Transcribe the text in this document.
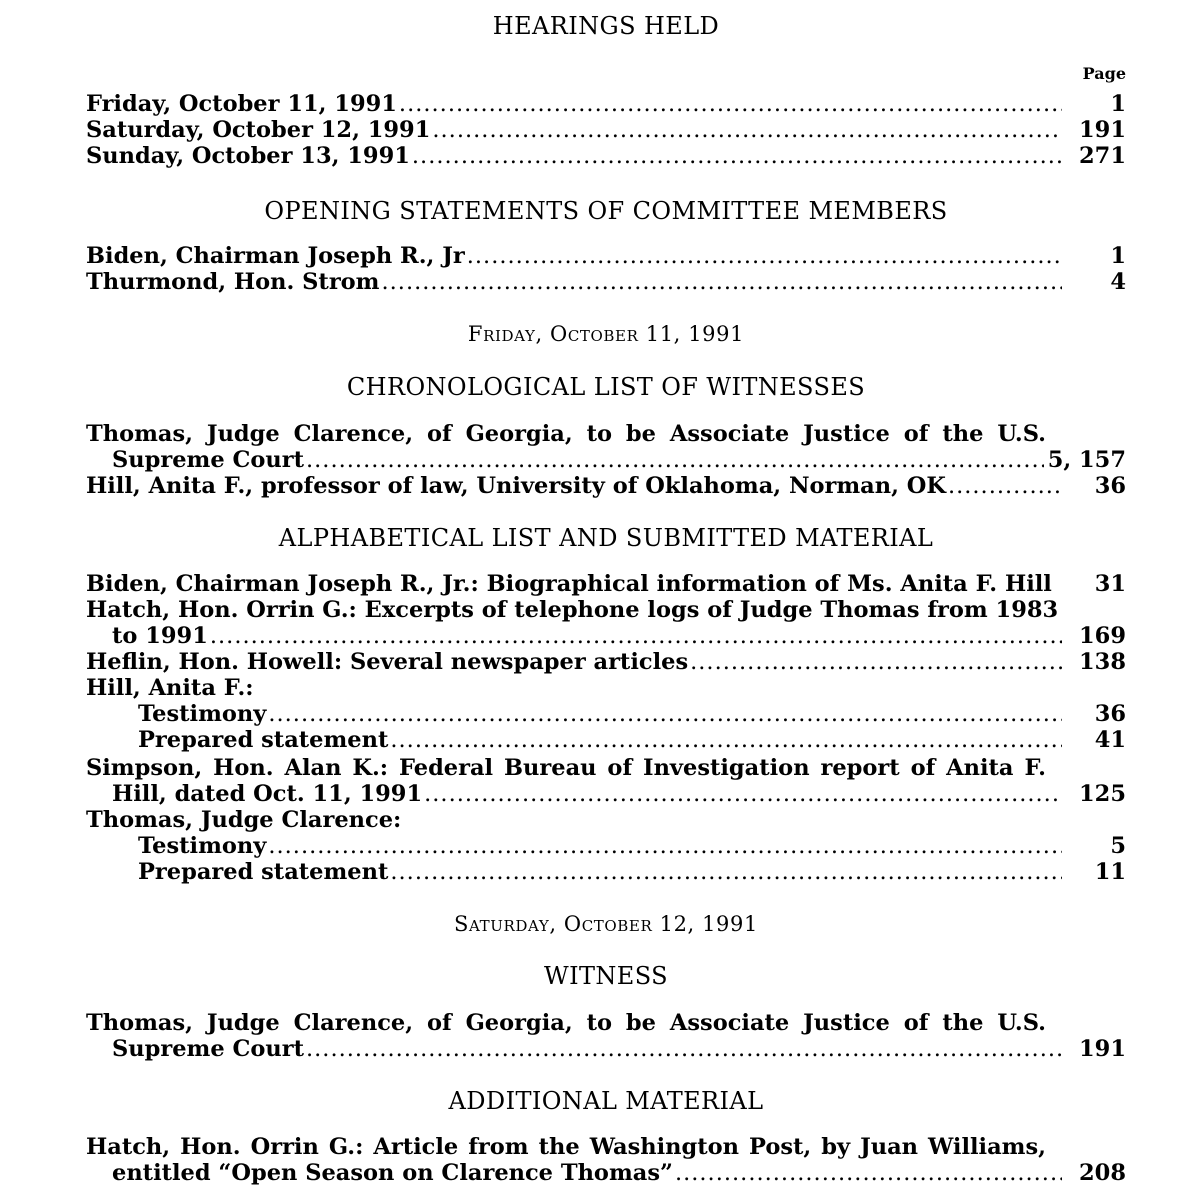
HEARINGS HELD
Page
Friday, October 11, 1991 .....	1
Saturday, October 12, 1991 .....	191
Sunday, October 13, 1991 .....	271
OPENING STATEMENTS OF COMMITTEE MEMBERS
Biden, Chairman Joseph R., Jr .....	1
Thurmond, Hon. Strom .....	4
Friday, October 11, 1991
CHRONOLOGICAL LIST OF WITNESSES
Thomas, Judge Clarence, of Georgia, to be Associate Justice of the U.S.
Supreme Court .....	5, 157
Hill, Anita F., professor of law, University of Oklahoma, Norman, OK .....	36
ALPHABETICAL LIST AND SUBMITTED MATERIAL
Biden, Chairman Joseph R., Jr.: Biographical information of Ms. Anita F. Hill	31
Hatch, Hon. Orrin G.: Excerpts of telephone logs of Judge Thomas from 1983
to 1991 .....	169
Heflin, Hon. Howell: Several newspaper articles .....	138
Hill, Anita F.:
Testimony .....	36
Prepared statement .....	41
Simpson, Hon. Alan K.: Federal Bureau of Investigation report of Anita F.
Hill, dated Oct. 11, 1991 .....	125
Thomas, Judge Clarence:
Testimony .....	5
Prepared statement .....	11
Saturday, October 12, 1991
WITNESS
Thomas, Judge Clarence, of Georgia, to be Associate Justice of the U.S.
Supreme Court .....	191
ADDITIONAL MATERIAL
Hatch, Hon. Orrin G.: Article from the Washington Post, by Juan Williams,
entitled “Open Season on Clarence Thomas” .....	208
